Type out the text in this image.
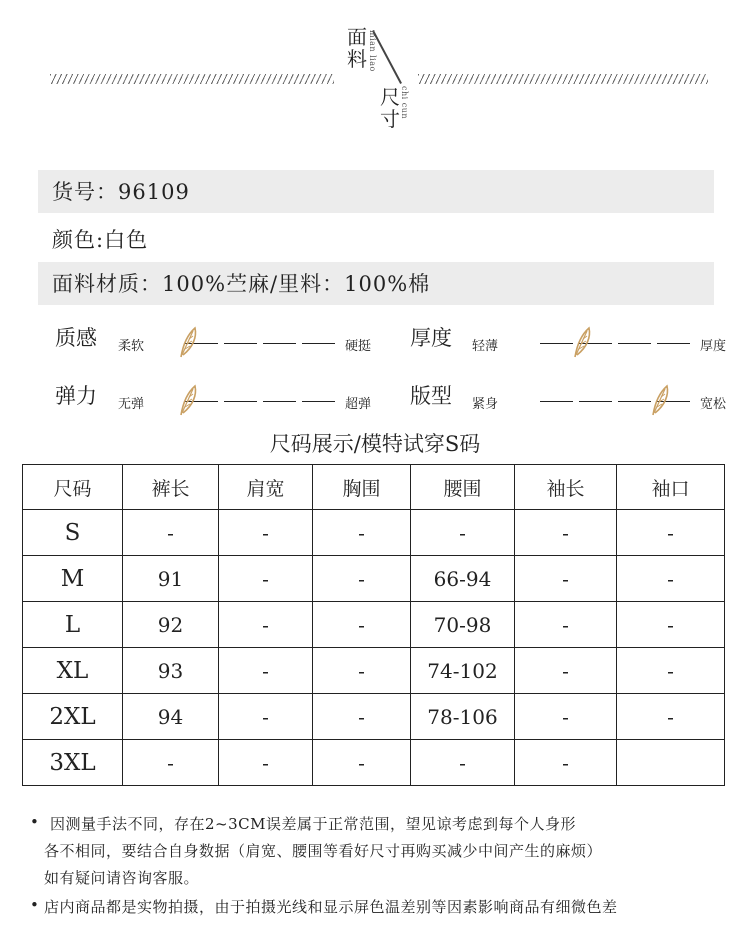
面料 mian liao
尺寸 chi cun
货号：96109
颜色:白色
面料材质：100%苎麻/里料：100%棉
质感 柔软	硬挺 厚度 轻薄	厚度
弹力 无弹	超弹 版型 紧身	宽松
尺码展示/模特试穿S码
尺码	裤长	肩宽	胸围	腰围	袖长	袖口
S	-	-	-	-	-	-
M	91	-	-	66-94	-	-
L	92	-	-	70-98	-	-
XL	93	-	-	74-102	-	-
2XL	94	-	-	78-106	-	-
3XL	-	-	-	-	-	
• 因测量手法不同，存在2~3CM误差属于正常范围，望见谅考虑到每个人身形
各不相同，要结合自身数据（肩宽、腰围等看好尺寸再购买减少中间产生的麻烦）
如有疑问请咨询客服。
• 店内商品都是实物拍摄，由于拍摄光线和显示屏色温差别等因素影响商品有细微色差
